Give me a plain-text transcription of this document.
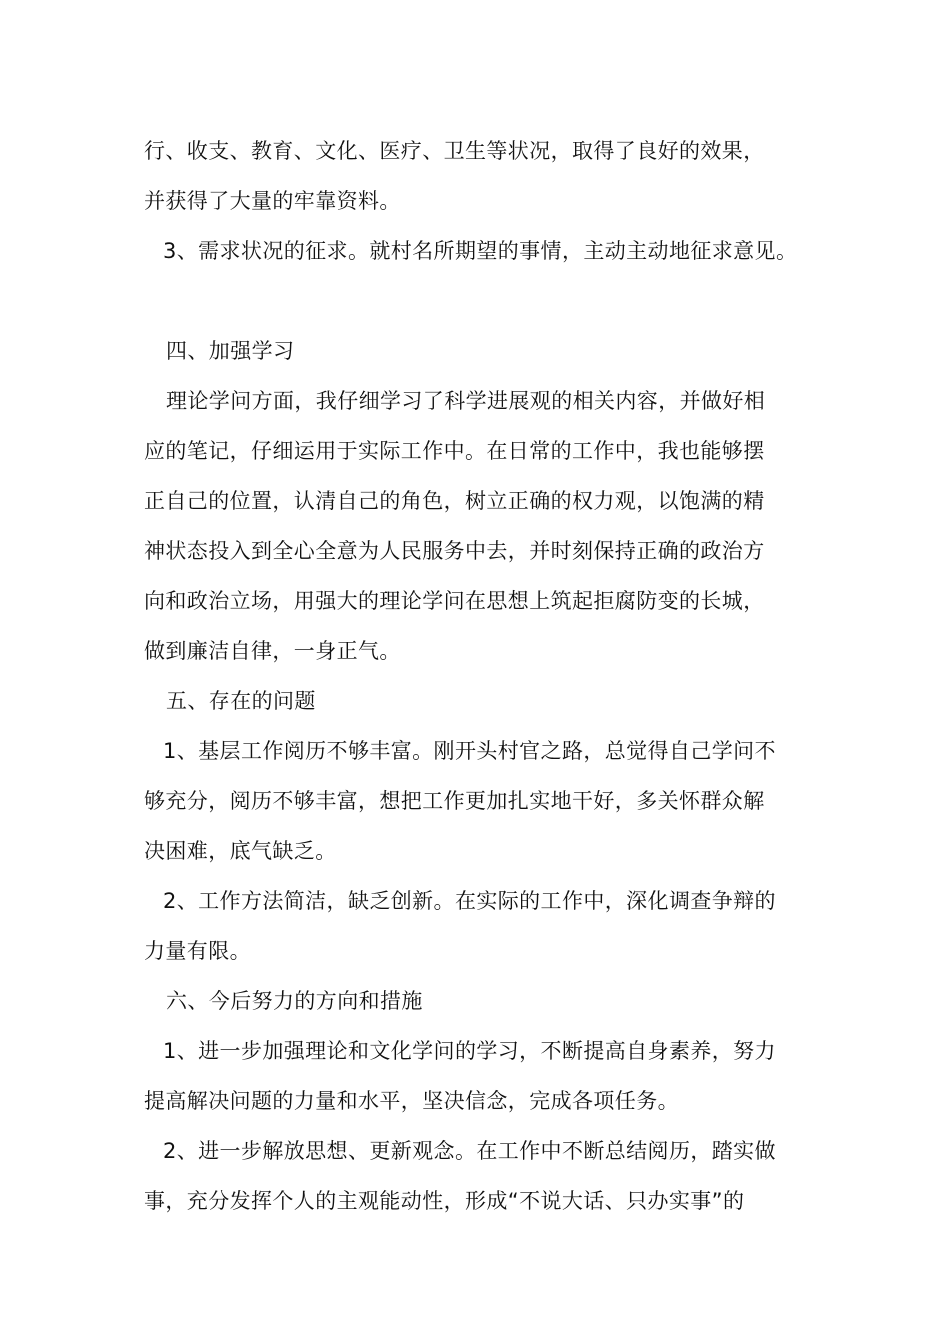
行、收支、教育、文化、医疗、卫生等状况，取得了良好的效果，
并获得了大量的牢靠资料。
3、需求状况的征求。就村名所期望的事情，主动主动地征求意见。
四、加强学习
理论学问方面，我仔细学习了科学进展观的相关内容，并做好相
应的笔记，仔细运用于实际工作中。在日常的工作中，我也能够摆
正自己的位置，认清自己的角色，树立正确的权力观，以饱满的精
神状态投入到全心全意为人民服务中去，并时刻保持正确的政治方
向和政治立场，用强大的理论学问在思想上筑起拒腐防变的长城，
做到廉洁自律，一身正气。
五、存在的问题
1、基层工作阅历不够丰富。刚开头村官之路，总觉得自己学问不
够充分，阅历不够丰富，想把工作更加扎实地干好，多关怀群众解
决困难，底气缺乏。
2、工作方法简洁，缺乏创新。在实际的工作中，深化调查争辩的
力量有限。
六、今后努力的方向和措施
1、进一步加强理论和文化学问的学习，不断提高自身素养，努力
提高解决问题的力量和水平，坚决信念，完成各项任务。
2、进一步解放思想、更新观念。在工作中不断总结阅历，踏实做
事，充分发挥个人的主观能动性，形成“不说大话、只办实事”的
